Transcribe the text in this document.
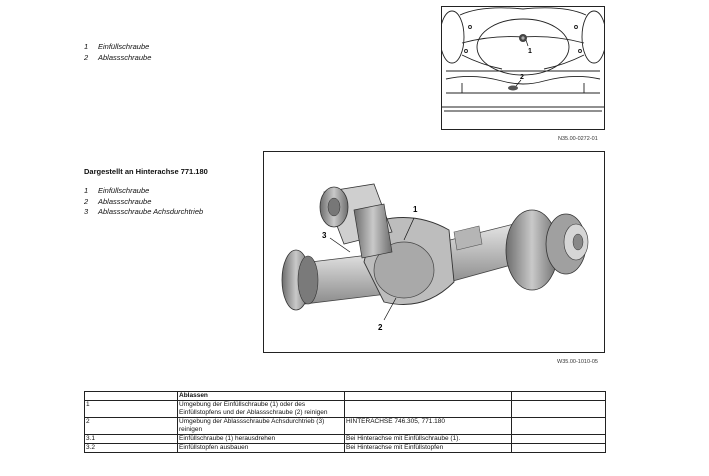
1	Einfüllschraube
2	Ablassschraube
1
2
N35.00-0272-01
Dargestellt an Hinterachse 771.180
1	Einfüllschraube
2	Ablassschraube
3	Ablassschraube Achsdurchtrieb	1
2
3
W35.00-1010-05
	Ablassen		
1	Umgebung der Einfüllschraube (1) oder des Einfüllstopfens und der Ablassschraube (2) reinigen		
2	Umgebung der Ablassschraube Achsdurchtrieb (3) reinigen	HINTERACHSE 746.305, 771.180	
3.1	Einfüllschraube (1) herausdrehen	Bei Hinterachse mit Einfüllschraube (1).	
3.2	Einfüllstopfen ausbauen	Bei Hinterachse mit Einfüllstopfen	
